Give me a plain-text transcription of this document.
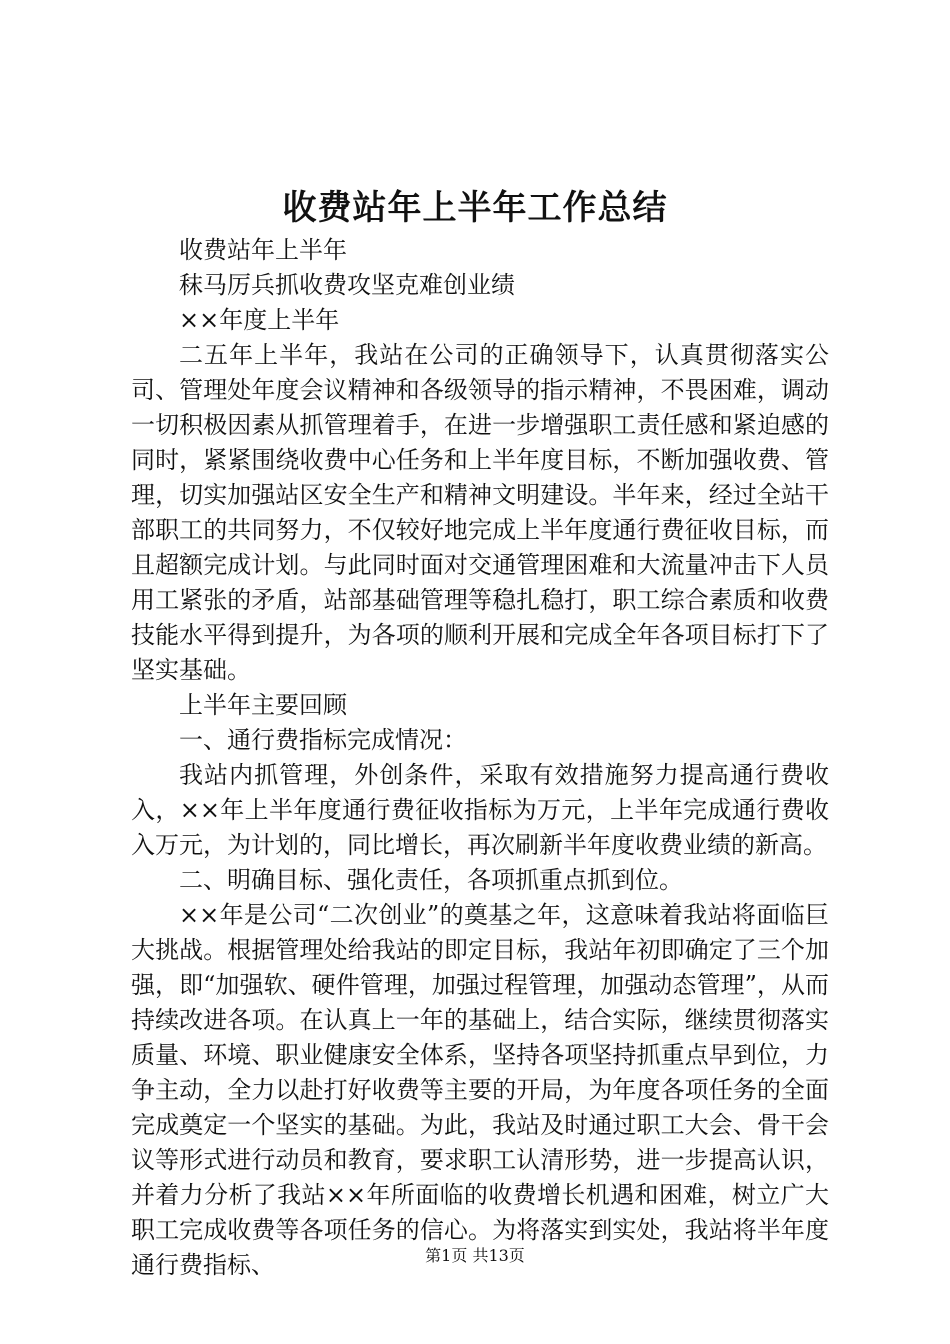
收费站年上半年工作总结

收费站年上半年

秣马厉兵抓收费攻坚克难创业绩

××年度上半年

二五年上半年，我站在公司的正确领导下，认真贯彻落实公司、管理处年度会议精神和各级领导的指示精神，不畏困难，调动一切积极因素从抓管理着手，在进一步增强职工责任感和紧迫感的同时，紧紧围绕收费中心任务和上半年度目标，不断加强收费、管理，切实加强站区安全生产和精神文明建设。半年来，经过全站干部职工的共同努力，不仅较好地完成上半年度通行费征收目标，而且超额完成计划。与此同时面对交通管理困难和大流量冲击下人员用工紧张的矛盾，站部基础管理等稳扎稳打，职工综合素质和收费技能水平得到提升，为各项的顺利开展和完成全年各项目标打下了坚实基础。

上半年主要回顾

一、通行费指标完成情况：

我站内抓管理，外创条件，采取有效措施努力提高通行费收入，××年上半年度通行费征收指标为万元，上半年完成通行费收入万元，为计划的，同比增长，再次刷新半年度收费业绩的新高。

二、明确目标、强化责任，各项抓重点抓到位。

××年是公司“二次创业”的奠基之年，这意味着我站将面临巨大挑战。根据管理处给我站的即定目标，我站年初即确定了三个加强，即“加强软、硬件管理，加强过程管理，加强动态管理”，从而持续改进各项。在认真上一年的基础上，结合实际，继续贯彻落实质量、环境、职业健康安全体系，坚持各项坚持抓重点早到位，力争主动，全力以赴打好收费等主要的开局，为年度各项任务的全面完成奠定一个坚实的基础。为此，我站及时通过职工大会、骨干会议等形式进行动员和教育，要求职工认清形势，进一步提高认识，并着力分析了我站××年所面临的收费增长机遇和困难，树立广大职工完成收费等各项任务的信心。为将落实到实处，我站将半年度通行费指标、	第1页 共13页
